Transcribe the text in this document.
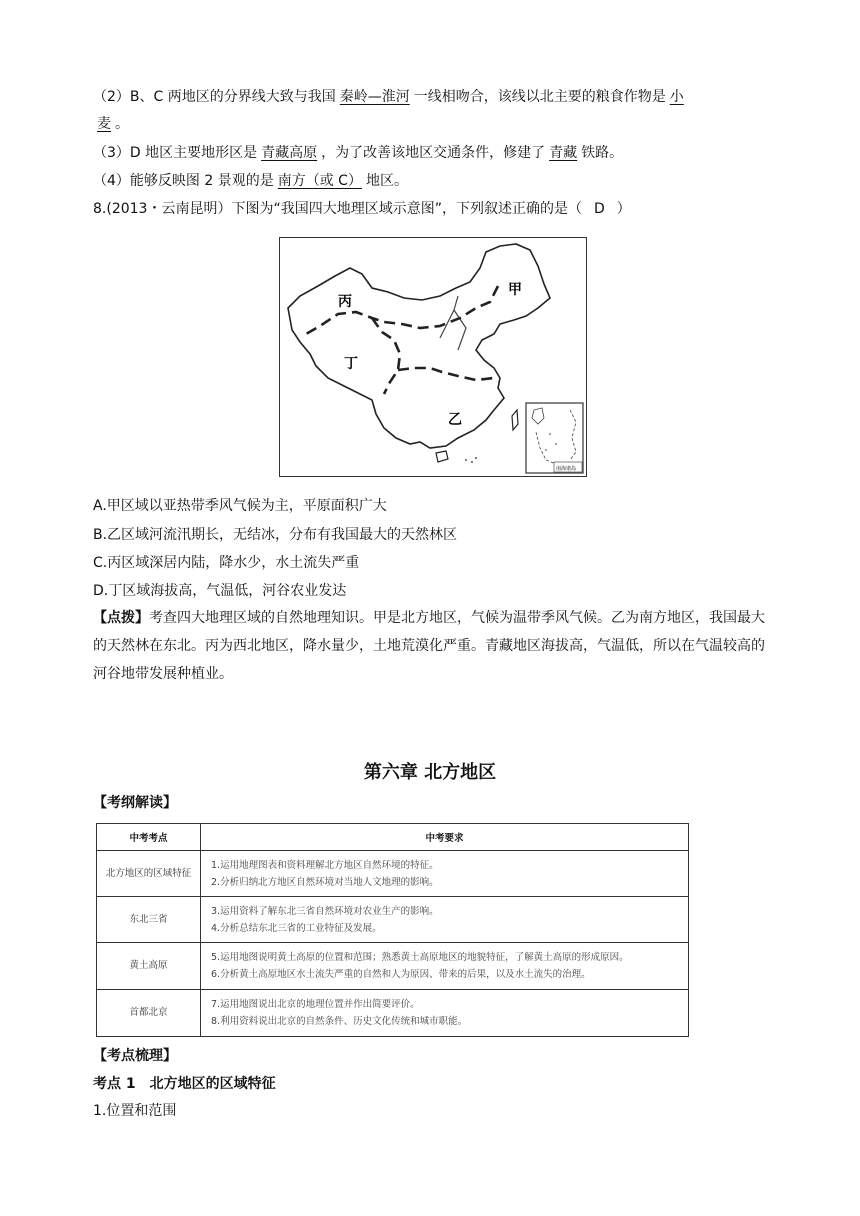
（2）B、C 两地区的分界线大致与我国 秦岭—淮河 一线相吻合，该线以北主要的粮食作物是 小
麦 。
（3）D 地区主要地形区是 青藏高原 ，为了改善该地区交通条件，修建了 青藏 铁路。
（4）能够反映图 2 景观的是 南方（或 C） 地区。
8.(2013・云南昆明）下图为“我国四大地理区域示意图”，下列叙述正确的是（ D ）
甲
乙
丙
丁
南海诸岛
A.甲区域以亚热带季风气候为主，平原面积广大
B.乙区域河流汛期长，无结冰，分布有我国最大的天然林区
C.丙区域深居内陆，降水少，水土流失严重
D.丁区域海拔高，气温低，河谷农业发达
【点拨】考查四大地理区域的自然地理知识。甲是北方地区，气候为温带季风气候。乙为南方地区，我国最大的天然林在东北。丙为西北地区，降水量少，土地荒漠化严重。青藏地区海拔高，气温低，所以在气温较高的河谷地带发展种植业。
第六章 北方地区
【考纲解读】
中考考点	中考要求
北方地区的区域特征	1.运用地理图表和资料理解北方地区自然环境的特征。
2.分析归纳北方地区自然环境对当地人文地理的影响。

东北三省	3.运用资料了解东北三省自然环境对农业生产的影响。
4.分析总结东北三省的工业特征及发展。

黄土高原	5.运用地图说明黄土高原的位置和范围；熟悉黄土高原地区的地貌特征，了解黄土高原的形成原因。
6.分析黄土高原地区水土流失严重的自然和人为原因、带来的后果，以及水土流失的治理。

首都北京	7.运用地图说出北京的地理位置并作出简要评价。
8.利用资料说出北京的自然条件、历史文化传统和城市职能。
【考点梳理】
考点 1　北方地区的区域特征
1.位置和范围
